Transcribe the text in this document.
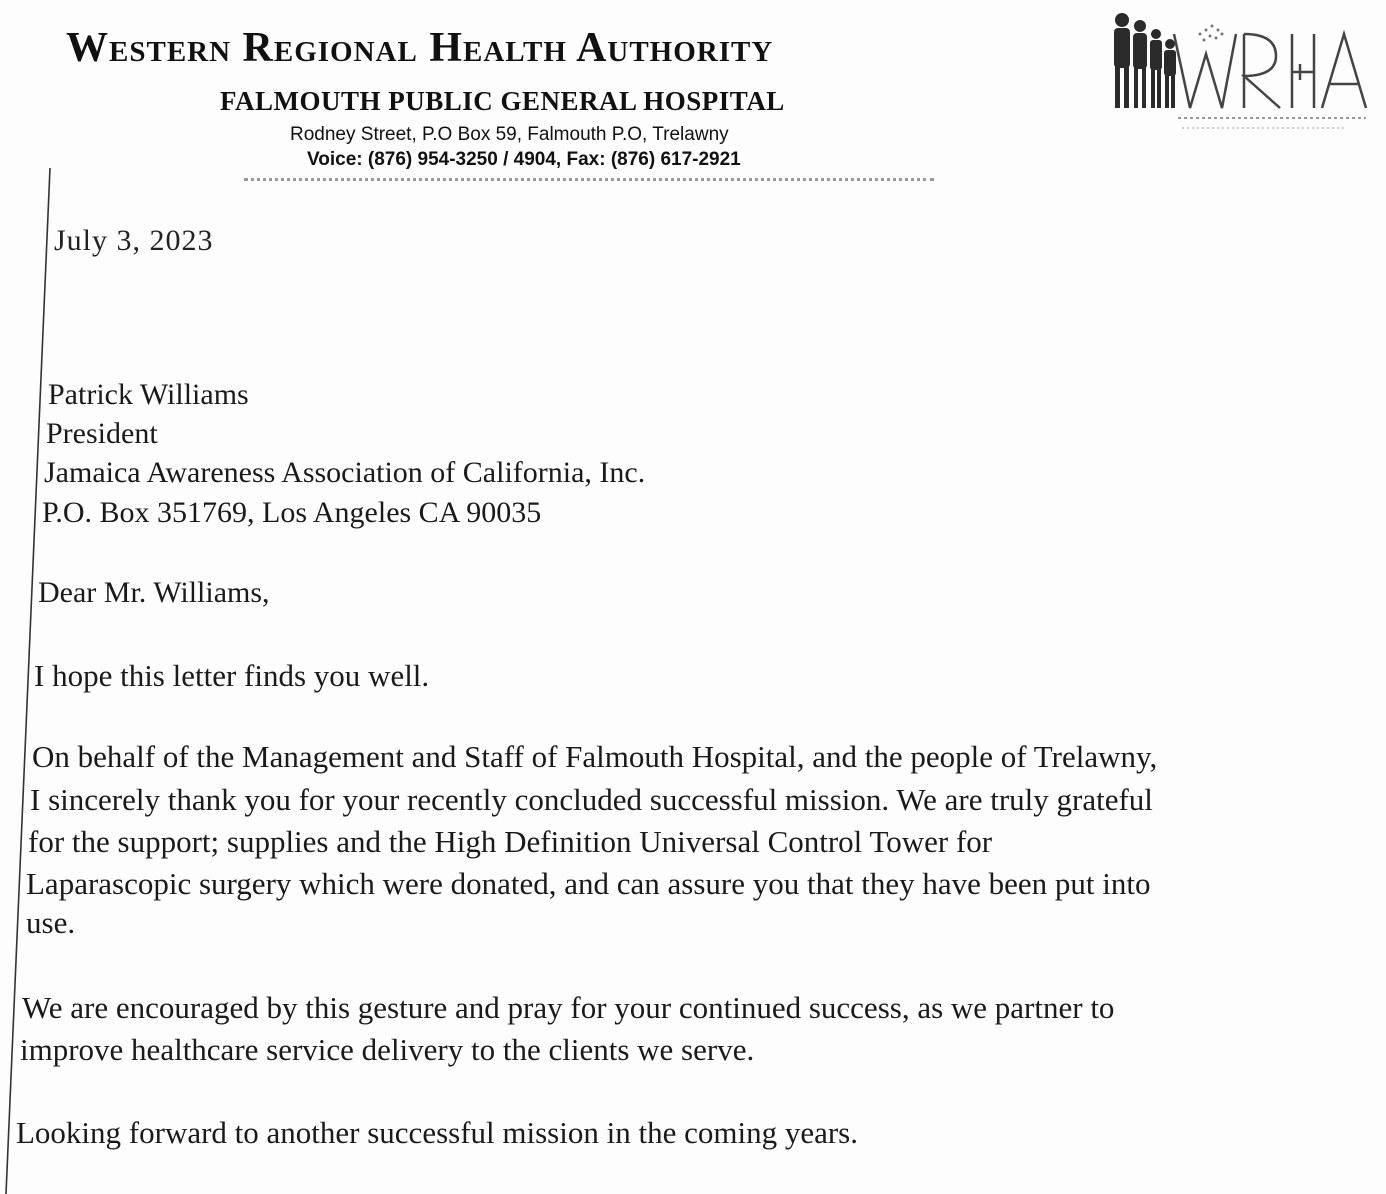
Western Regional Health Authority
FALMOUTH PUBLIC GENERAL HOSPITAL
Rodney Street, P.O Box 59, Falmouth P.O, Trelawny
Voice: (876) 954-3250 / 4904, Fax: (876) 617-2921
July 3, 2023
Patrick Williams
President
Jamaica Awareness Association of California, Inc.
P.O. Box 351769, Los Angeles CA 90035
Dear Mr. Williams,
I hope this letter finds you well.
On behalf of the Management and Staff of Falmouth Hospital, and the people of Trelawny,
I sincerely thank you for your recently concluded successful mission. We are truly grateful
for the support; supplies and the High Definition Universal Control Tower for
Laparascopic surgery which were donated, and can assure you that they have been put into
use.
We are encouraged by this gesture and pray for your continued success, as we partner to
improve healthcare service delivery to the clients we serve.
Looking forward to another successful mission in the coming years.
